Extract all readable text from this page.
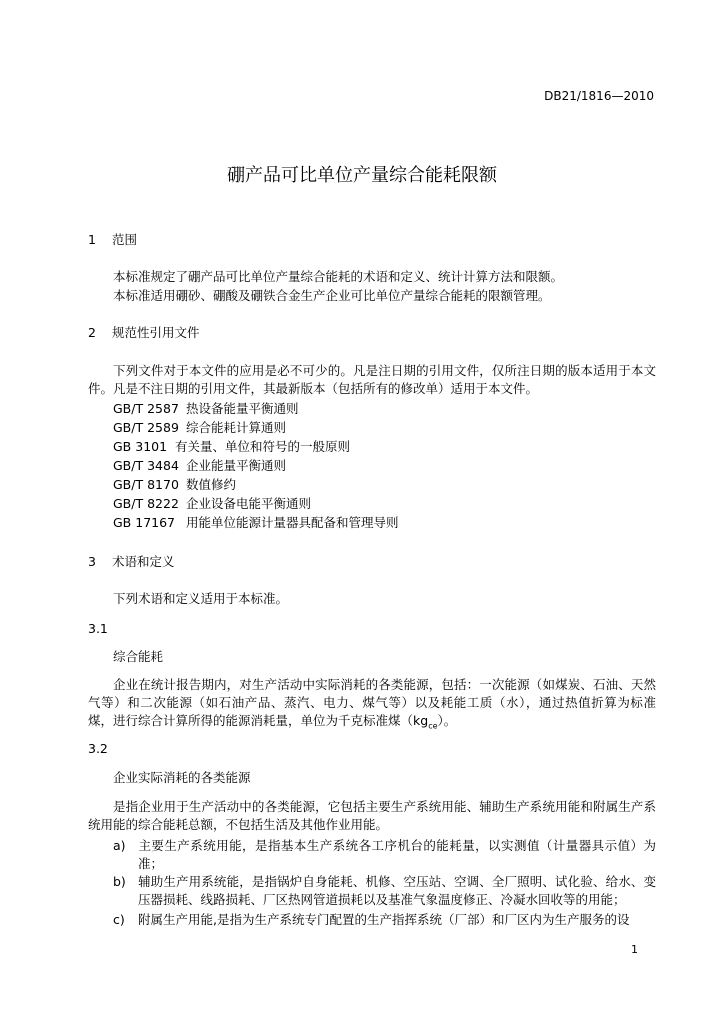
DB21/1816—2010
硼产品可比单位产量综合能耗限额
1 范围
本标准规定了硼产品可比单位产量综合能耗的术语和定义、统计计算方法和限额。
本标准适用硼砂、硼酸及硼铁合金生产企业可比单位产量综合能耗的限额管理。
2 规范性引用文件
下列文件对于本文件的应用是必不可少的。凡是注日期的引用文件，仅所注日期的版本适用于本文件。凡是不注日期的引用文件，其最新版本（包括所有的修改单）适用于本文件。
GB/T 2587 热设备能量平衡通则
GB/T 2589 综合能耗计算通则
GB 3101 有关量、单位和符号的一般原则
GB/T 3484 企业能量平衡通则
GB/T 8170 数值修约
GB/T 8222 企业设备电能平衡通则
GB 17167 用能单位能源计量器具配备和管理导则
3 术语和定义
下列术语和定义适用于本标准。
3.1
综合能耗
企业在统计报告期内，对生产活动中实际消耗的各类能源，包括：一次能源（如煤炭、石油、天然气等）和二次能源（如石油产品、蒸汽、电力、煤气等）以及耗能工质（水），通过热值折算为标准煤，进行综合计算所得的能源消耗量，单位为千克标准煤$(kg_{ce})$。
3.2
企业实际消耗的各类能源
是指企业用于生产活动中的各类能源，它包括主要生产系统用能、辅助生产系统用能和附属生产系统用能的综合能耗总额，不包括生活及其他作业用能。
a) 主要生产系统用能，是指基本生产系统各工序机台的能耗量，以实测值（计量器具示值）为准；
b) 辅助生产用系统能，是指锅炉自身能耗、机修、空压站、空调、全厂照明、试化验、给水、变压器损耗、线路损耗、厂区热网管道损耗以及基准气象温度修正、冷凝水回收等的用能；
c) 附属生产用能,是指为生产系统专门配置的生产指挥系统（厂部）和厂区内为生产服务的设
1
